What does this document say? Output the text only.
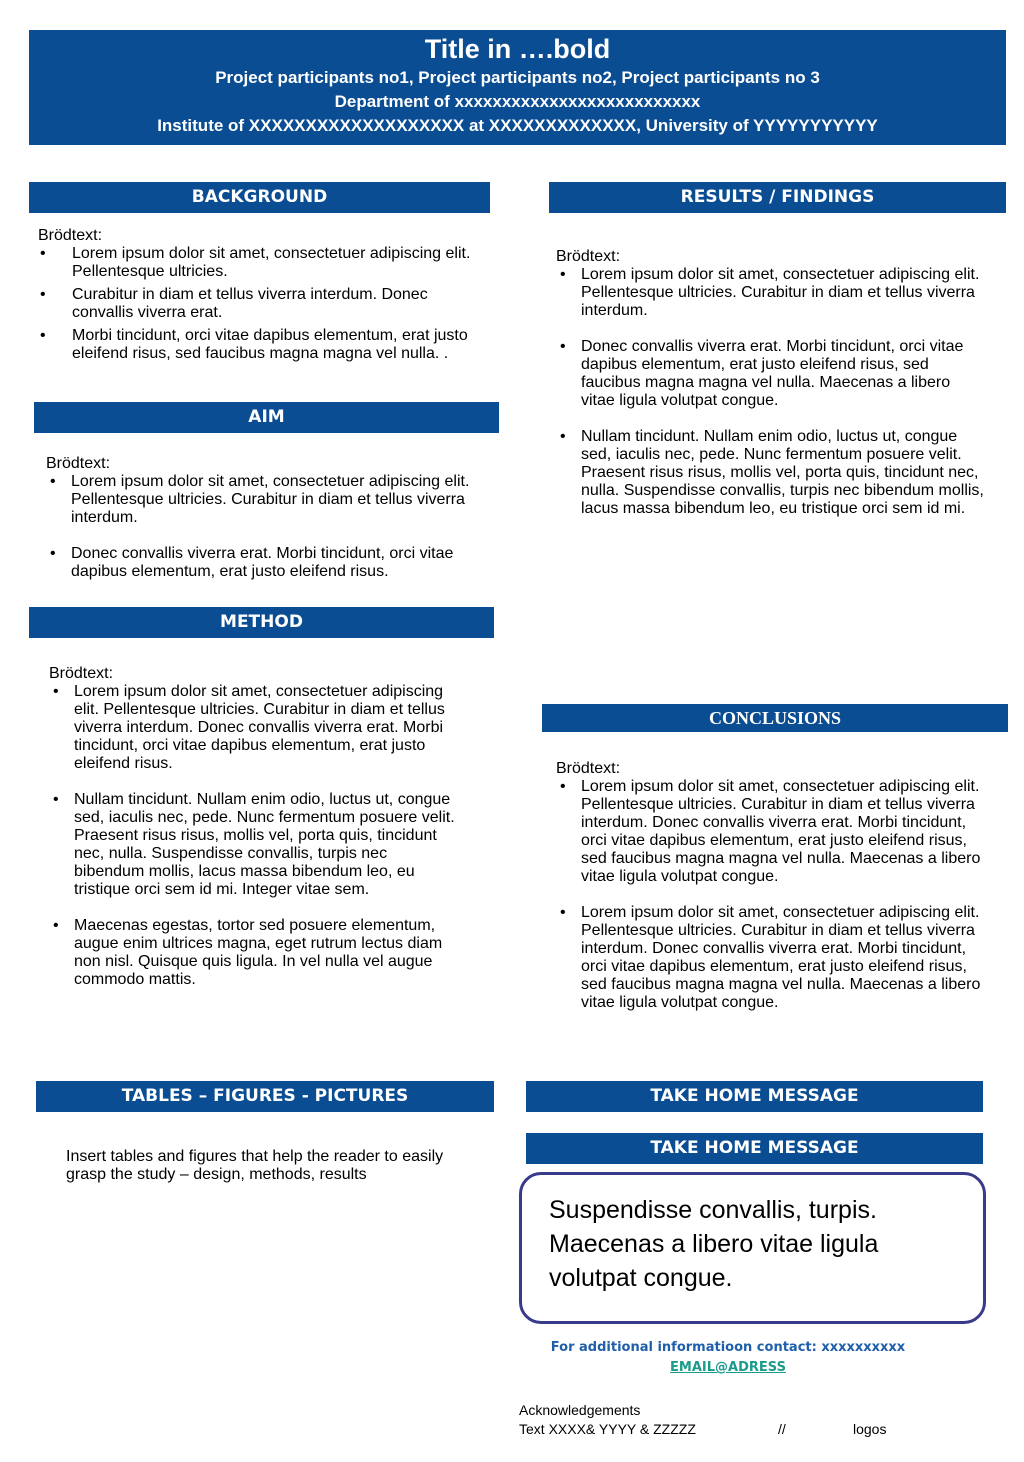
Title in ….bold
Project participants no1, Project participants no2, Project participants no 3
Department of xxxxxxxxxxxxxxxxxxxxxxxxxx
Institute of XXXXXXXXXXXXXXXXXXX at XXXXXXXXXXXXX, University of YYYYYYYYYYY
BACKGROUND
Brödtext:
• Lorem ipsum dolor sit amet, consectetuer adipiscing elit. Pellentesque ultricies.
• Curabitur in diam et tellus viverra interdum. Donec convallis viverra erat.
• Morbi tincidunt, orci vitae dapibus elementum, erat justo eleifend risus, sed faucibus magna magna vel nulla. .
AIM
Brödtext:
• Lorem ipsum dolor sit amet, consectetuer adipiscing elit. Pellentesque ultricies. Curabitur in diam et tellus viverra interdum.
• Donec convallis viverra erat. Morbi tincidunt, orci vitae dapibus elementum, erat justo eleifend risus.
METHOD
Brödtext:
• Lorem ipsum dolor sit amet, consectetuer adipiscing elit. Pellentesque ultricies. Curabitur in diam et tellus viverra interdum. Donec convallis viverra erat. Morbi tincidunt, orci vitae dapibus elementum, erat justo eleifend risus.
• Nullam tincidunt. Nullam enim odio, luctus ut, congue sed, iaculis nec, pede. Nunc fermentum posuere velit. Praesent risus risus, mollis vel, porta quis, tincidunt nec, nulla. Suspendisse convallis, turpis nec bibendum mollis, lacus massa bibendum leo, eu tristique orci sem id mi. Integer vitae sem.
• Maecenas egestas, tortor sed posuere elementum, augue enim ultrices magna, eget rutrum lectus diam non nisl. Quisque quis ligula. In vel nulla vel augue commodo mattis.
TABLES – FIGURES - PICTURES
Insert tables and figures that help the reader to easily grasp the study – design, methods, results
RESULTS / FINDINGS
Brödtext:
• Lorem ipsum dolor sit amet, consectetuer adipiscing elit. Pellentesque ultricies. Curabitur in diam et tellus viverra interdum.
• Donec convallis viverra erat. Morbi tincidunt, orci vitae dapibus elementum, erat justo eleifend risus, sed faucibus magna magna vel nulla. Maecenas a libero vitae ligula volutpat congue.
• Nullam tincidunt. Nullam enim odio, luctus ut, congue sed, iaculis nec, pede. Nunc fermentum posuere velit. Praesent risus risus, mollis vel, porta quis, tincidunt nec, nulla. Suspendisse convallis, turpis nec bibendum mollis, lacus massa bibendum leo, eu tristique orci sem id mi.
CONCLUSIONS
Brödtext:
• Lorem ipsum dolor sit amet, consectetuer adipiscing elit. Pellentesque ultricies. Curabitur in diam et tellus viverra interdum. Donec convallis viverra erat. Morbi tincidunt, orci vitae dapibus elementum, erat justo eleifend risus, sed faucibus magna magna vel nulla. Maecenas a libero vitae ligula volutpat congue.
• Lorem ipsum dolor sit amet, consectetuer adipiscing elit. Pellentesque ultricies. Curabitur in diam et tellus viverra interdum. Donec convallis viverra erat. Morbi tincidunt, orci vitae dapibus elementum, erat justo eleifend risus, sed faucibus magna magna vel nulla. Maecenas a libero vitae ligula volutpat congue.
TAKE HOME MESSAGE
TAKE HOME MESSAGE
Suspendisse convallis, turpis. Maecenas a libero vitae ligula volutpat congue.
For additional informatioon contact: xxxxxxxxxx
EMAIL@ADRESS
Acknowledgements
Text XXXX& YYYY & ZZZZZ	//	logos
